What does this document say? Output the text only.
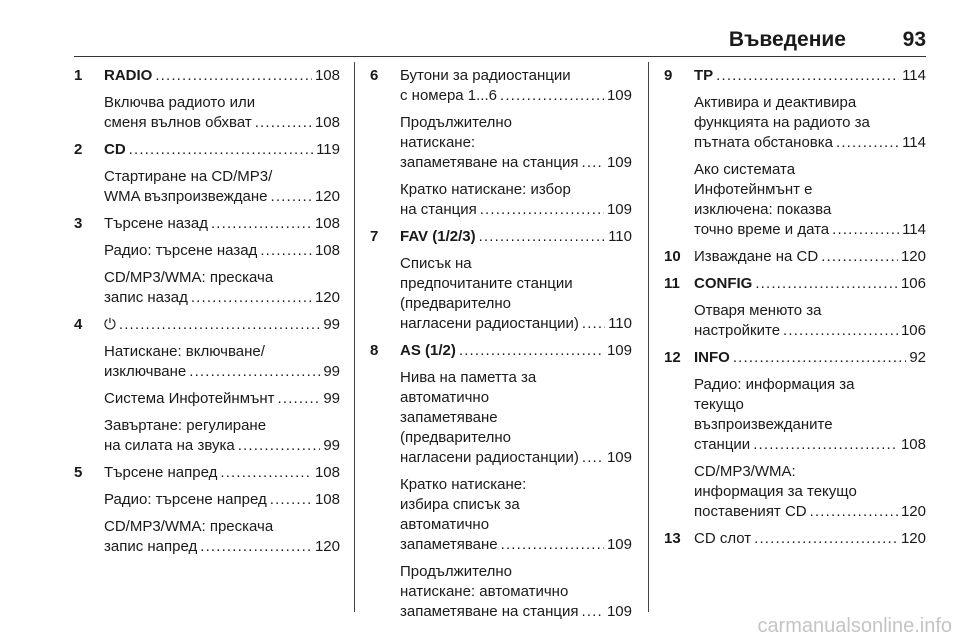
Въведение	93
1 RADIO . . .	108
Включва радиото или
сменя вълнов обхват . . .	108
2 CD . . .	119
Стартиране на CD/MP3/
WMA възпроизвеждане . . .	120
3 Търсене назад . . .	108
Радио: търсене назад . . .	108
CD/MP3/WMA: прескача
запис назад . . .	120
4 ⏻ . . .	99
Натискане: включване/
изключване . . .	99
Система Инфотейнмънт . . .	99
Завъртане: регулиране
на силата на звука . . .	99
5 Търсене напред . . .	108
Радио: търсене напред . . .	108
CD/MP3/WMA: прескача
запис напред . . .	120
6 Бутони за радиостанции
с номера 1...6 . . .	109
Продължително
натискане:
запаметяване на станция . . . 109
Кратко натискане: избор
на станция . . .	109
7 FAV (1/2/3) . . .	110
Списък на
предпочитаните станции
(предварително
нагласени радиостанции) . . . 110
8 AS (1/2) . . .	109
Нива на паметта за
автоматично
запаметяване
(предварително
нагласени радиостанции) . . . 109
Кратко натискане:
избира списък за
автоматично
запаметяване . . .	109
Продължително
натискане: автоматично
запаметяване на станция . . . 109
9 TP . . .	114
Активира и деактивира
функцията на радиото за
пътната обстановка . . .	114
Ако системата
Инфотейнмънт е
изключена: показва
точно време и дата . . .	114
10 Изваждане на CD . . .	120
11 CONFIG . . .	106
Отваря менюто за
настройките . . .	106
12 INFO . . .	92
Радио: информация за
текущо
възпроизвежданите
станции . . .	108
CD/MP3/WMA:
информация за текущо
поставеният CD . . .	120
13 CD слот . . .	120
carmanualsonline.info
